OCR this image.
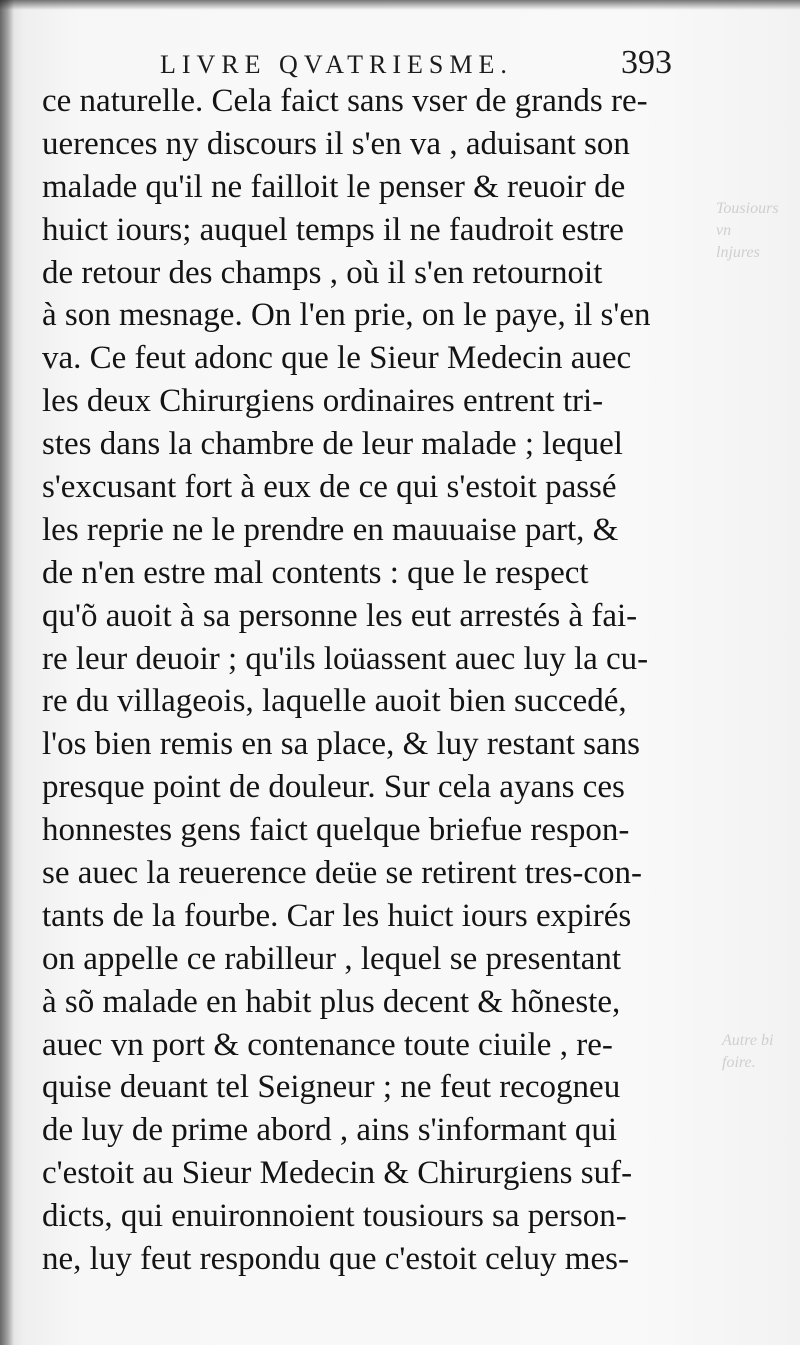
LIVRE QVATRIESME.	393
ce naturelle. Cela faict sans vser de grands re-
uerences ny discours il s'en va , aduisant son
malade qu'il ne failloit le penser & reuoir de
huict iours; auquel temps il ne faudroit estre
de retour des champs , où il s'en retournoit
à son mesnage. On l'en prie, on le paye, il s'en
va. Ce feut adonc que le Sieur Medecin auec
les deux Chirurgiens ordinaires entrent tri-
stes dans la chambre de leur malade ; lequel
s'excusant fort à eux de ce qui s'estoit passé
les reprie ne le prendre en mauuaise part, &
de n'en estre mal contents : que le respect
qu'õ auoit à sa personne les eut arrestés à fai-
re leur deuoir ; qu'ils loüassent auec luy la cu-
re du villageois, laquelle auoit bien succedé,
l'os bien remis en sa place, & luy restant sans
presque point de douleur. Sur cela ayans ces
honnestes gens faict quelque briefue respon-
se auec la reuerence deüe se retirent tres-con-
tants de la fourbe. Car les huict iours expirés
on appelle ce rabilleur , lequel se presentant
à sõ malade en habit plus decent & hõneste,
auec vn port & contenance toute ciuile , re-
quise deuant tel Seigneur ; ne feut recogneu
de luy de prime abord , ains s'informant qui
c'estoit au Sieur Medecin & Chirurgiens suf-
dicts, qui enuironnoient tousiours sa person-
ne, luy feut respondu que c'estoit celuy mes-
Tousiours
vn
lnjures
Autre bi
foire.
